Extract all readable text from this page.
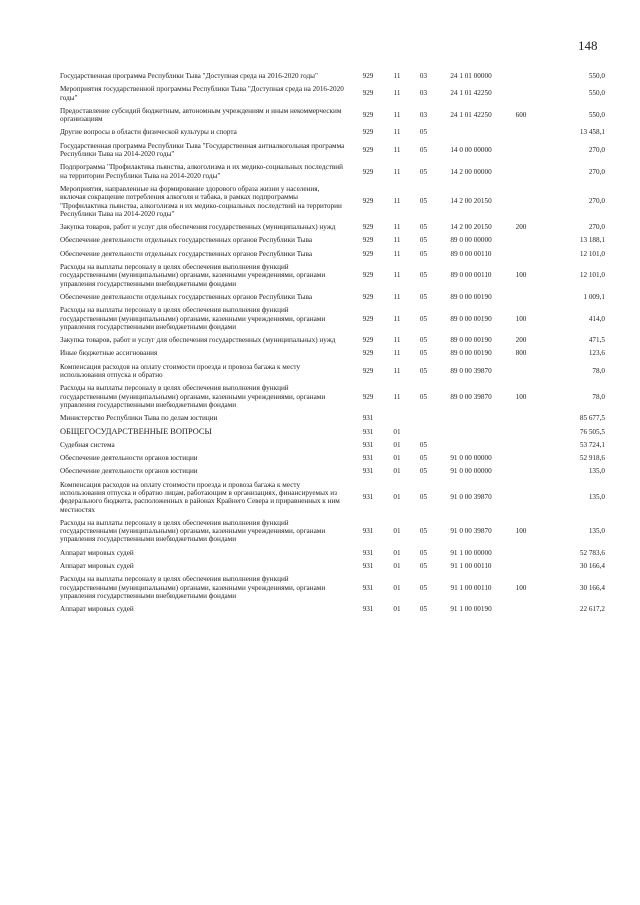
148
Государственная программа Республики Тыва "Доступная среда на 2016-2020 годы"	929	11	03	24 1 01 00000		550,0
Мероприятия государственной программы Республики Тыва "Доступная среда на 2016-2020 годы"	929	11	03	24 1 01 42250		550,0
Предоставление субсидий бюджетным, автономным учреждениям и иным некоммерческим организациям	929	11	03	24 1 01 42250	600	550,0
Другие вопросы в области физической культуры и спорта	929	11	05			13 458,1
Государственная программа Республики Тыва "Государственная антиалкогольная программа Республики Тыва на 2014-2020 годы"	929	11	05	14 0 00 00000		270,0
Подпрограмма "Профилактика пьянства, алкоголизма и их медико-социальных последствий на территории Республики Тыва на 2014-2020 годы"	929	11	05	14 2 00 00000		270,0
Мероприятия, направленные на формирование здорового образа жизни у населения, включая сокращение потребления алкоголя и табака, в рамках подпрограммы "Профилактика пьянства, алкоголизма и их медико-социальных последствий на территории Республики Тыва на 2014-2020 годы"	929	11	05	14 2 00 20150		270,0
Закупка товаров, работ и услуг для обеспечения государственных (муниципальных) нужд	929	11	05	14 2 00 20150	200	270,0
Обеспечение деятельности отдельных государственных органов Республики Тыва	929	11	05	89 0 00 00000		13 188,1
Обеспечение деятельности отдельных государственных органов Республики Тыва	929	11	05	89 0 00 00110		12 101,0
Расходы на выплаты персоналу в целях обеспечения выполнения функций государственными (муниципальными) органами, казенными учреждениями, органами управления государственными внебюджетными фондами	929	11	05	89 0 00 00110	100	12 101,0
Обеспечение деятельности отдельных государственных органов Республики Тыва	929	11	05	89 0 00 00190		1 009,1
Расходы на выплаты персоналу в целях обеспечения выполнения функций государственными (муниципальными) органами, казенными учреждениями, органами управления государственными внебюджетными фондами	929	11	05	89 0 00 00190	100	414,0
Закупка товаров, работ и услуг для обеспечения государственных (муниципальных) нужд	929	11	05	89 0 00 00190	200	471,5
Иные бюджетные ассигнования	929	11	05	89 0 00 00190	800	123,6
Компенсация расходов на оплату стоимости проезда и провоза багажа к месту использования отпуска и обратно	929	11	05	89 0 00 39870		78,0
Расходы на выплаты персоналу в целях обеспечения выполнения функций государственными (муниципальными) органами, казенными учреждениями, органами управления государственными внебюджетными фондами	929	11	05	89 0 00 39870	100	78,0
Министерство Республики Тыва по делам юстиции	931					85 677,5
ОБЩЕГОСУДАРСТВЕННЫЕ ВОПРОСЫ	931	01				76 505,5
Судебная система	931	01	05			53 724,1
Обеспечение деятельности органов юстиции	931	01	05	91 0 00 00000		52 918,6
Обеспечение деятельности органов юстиции	931	01	05	91 0 00 00000		135,0
Компенсация расходов на оплату стоимости проезда и провоза багажа к месту использования отпуска и обратно лицам, работающим в организациях, финансируемых из федерального бюджета, расположенных в районах Крайнего Севера и приравненных к ним местностях	931	01	05	91 0 00 39870		135,0
Расходы на выплаты персоналу в целях обеспечения выполнения функций государственными (муниципальными) органами, казенными учреждениями, органами управления государственными внебюджетными фондами	931	01	05	91 0 00 39870	100	135,0
Аппарат мировых судей	931	01	05	91 1 00 00000		52 783,6
Аппарат мировых судей	931	01	05	91 1 00 00110		30 166,4
Расходы на выплаты персоналу в целях обеспечения выполнения функций государственными (муниципальными) органами, казенными учреждениями, органами управления государственными внебюджетными фондами	931	01	05	91 1 00 00110	100	30 166,4
Аппарат мировых судей	931	01	05	91 1 00 00190		22 617,2
